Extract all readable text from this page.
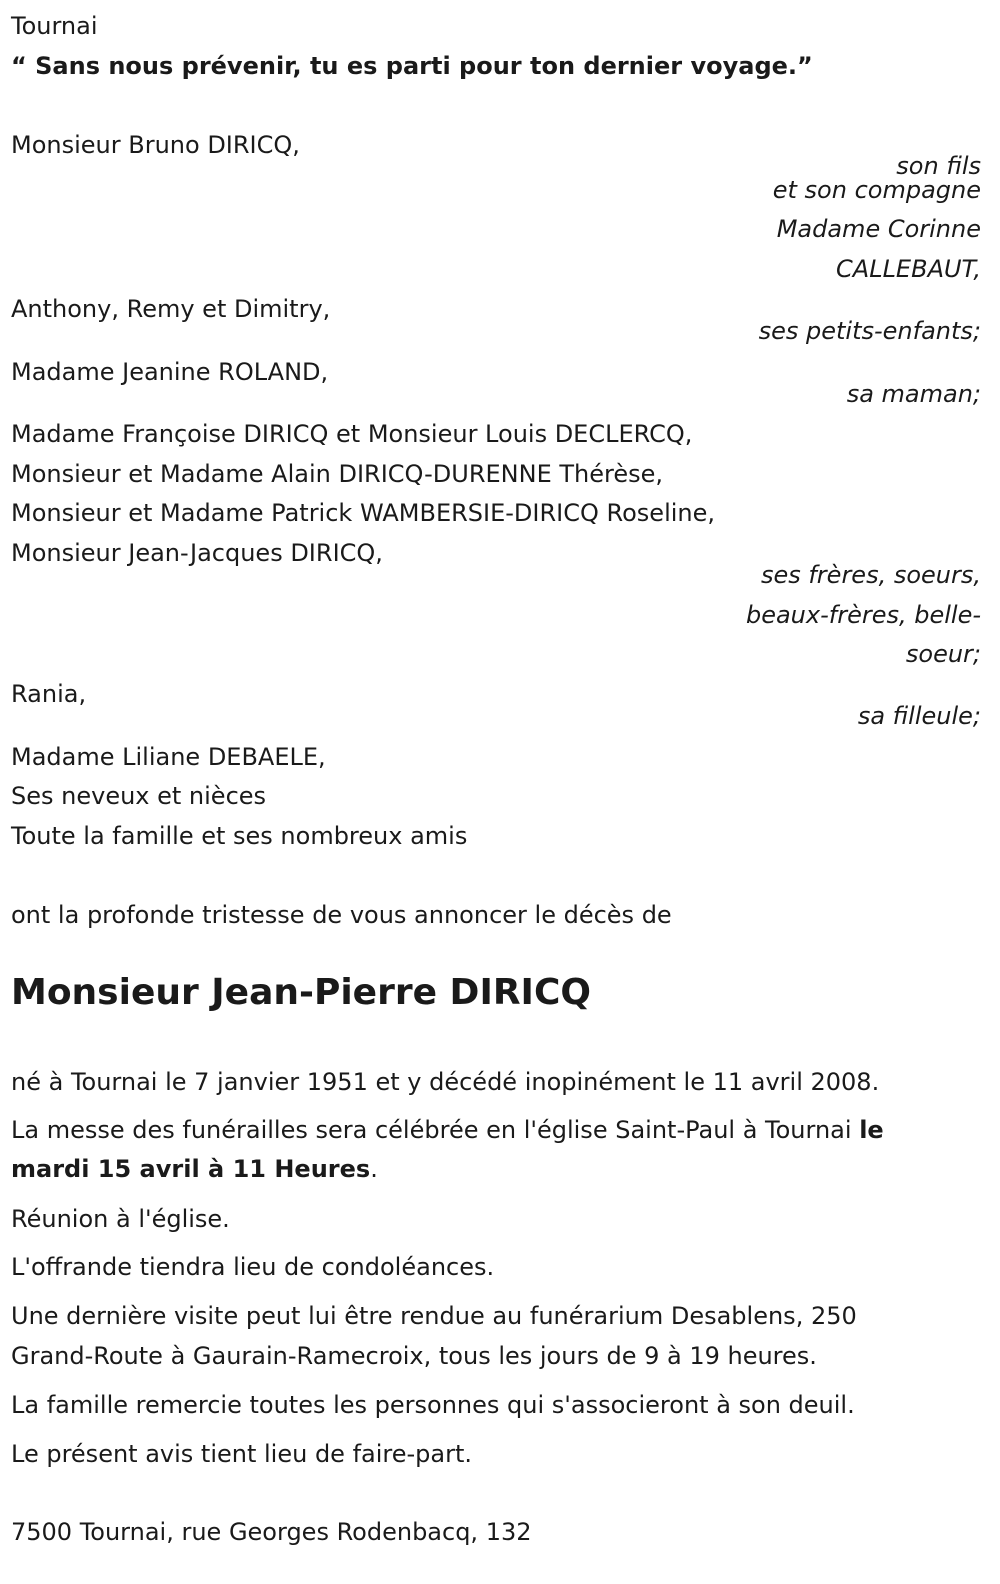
Tournai
“ Sans nous prévenir, tu es parti pour ton dernier voyage.”
Monsieur Bruno DIRICQ,
son fils
et son compagne
Madame Corinne
CALLEBAUT,
Anthony, Remy et Dimitry,
ses petits-enfants;
Madame Jeanine ROLAND,
sa maman;
Madame Françoise DIRICQ et Monsieur Louis DECLERCQ,
Monsieur et Madame Alain DIRICQ-DURENNE Thérèse,
Monsieur et Madame Patrick WAMBERSIE-DIRICQ Roseline,
Monsieur Jean-Jacques DIRICQ,
ses frères, soeurs,
beaux-frères, belle-
soeur;
Rania,
sa filleule;
Madame Liliane DEBAELE,
Ses neveux et nièces
Toute la famille et ses nombreux amis
ont la profonde tristesse de vous annoncer le décès de
Monsieur Jean-Pierre DIRICQ
né à Tournai le 7 janvier 1951 et y décédé inopinément le 11 avril 2008.
La messe des funérailles sera célébrée en l'église Saint-Paul à Tournai le
mardi 15 avril à 11 Heures.
Réunion à l'église.
L'offrande tiendra lieu de condoléances.
Une dernière visite peut lui être rendue au funérarium Desablens, 250
Grand-Route à Gaurain-Ramecroix, tous les jours de 9 à 19 heures.
La famille remercie toutes les personnes qui s'associeront à son deuil.
Le présent avis tient lieu de faire-part.
7500 Tournai, rue Georges Rodenbacq, 132
